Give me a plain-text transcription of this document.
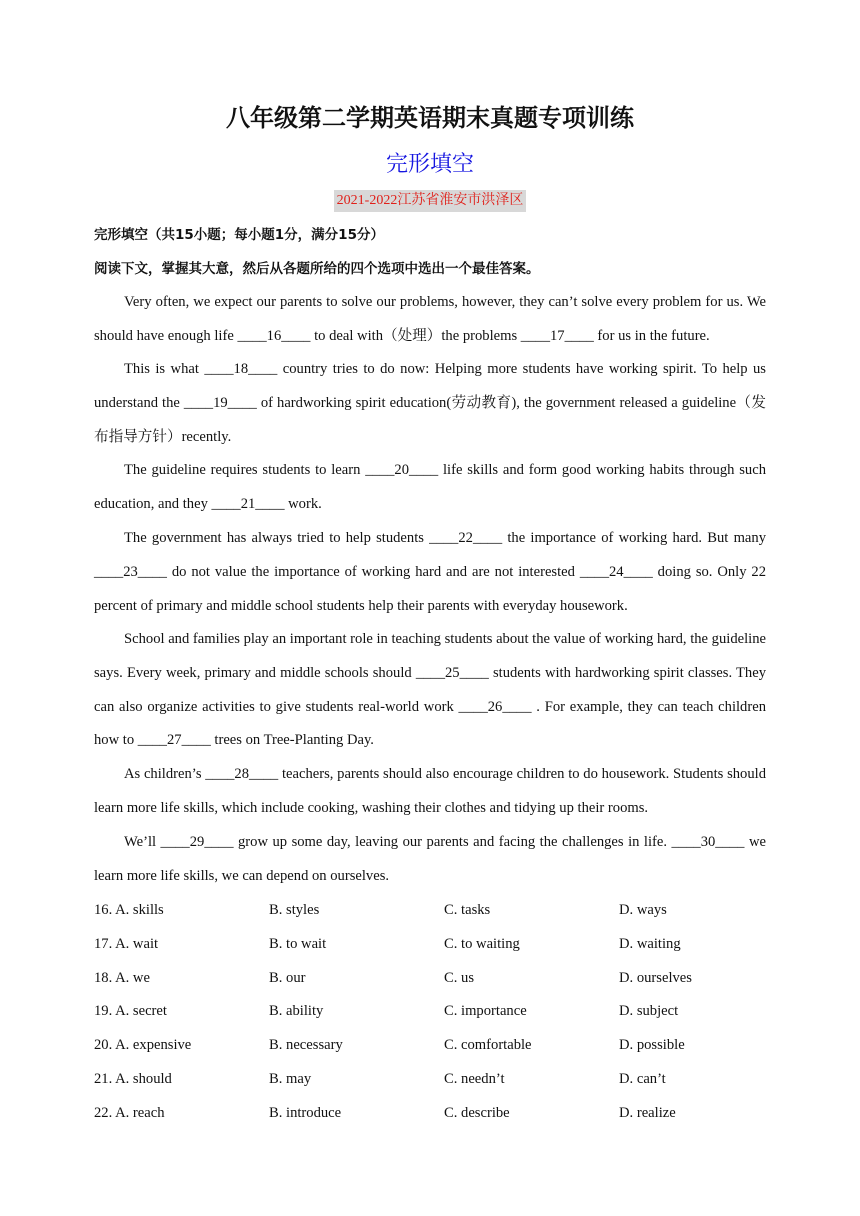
八年级第二学期英语期末真题专项训练
完形填空
2021-2022江苏省淮安市洪泽区
完形填空（共15小题；每小题1分，满分15分）
阅读下文，掌握其大意，然后从各题所给的四个选项中选出一个最佳答案。

Very often, we expect our parents to solve our problems, however, they can’t solve every problem for us. We should have enough life ____16____ to deal with（处理）the problems ____17____ for us in the future.

This is what ____18____ country tries to do now: Helping more students have working spirit. To help us understand the ____19____ of hardworking spirit education(劳动教育), the government released a guideline（发布指导方针）recently.

The guideline requires students to learn ____20____ life skills and form good working habits through such education, and they ____21____ work.

The government has always tried to help students ____22____ the importance of working hard. But many ____23____ do not value the importance of working hard and are not interested ____24____ doing so. Only 22 percent of primary and middle school students help their parents with everyday housework.

School and families play an important role in teaching students about the value of working hard, the guideline says. Every week, primary and middle schools should ____25____ students with hardworking spirit classes. They can also organize activities to give students real-world work ____26____ . For example, they can teach children how to ____27____ trees on Tree-Planting Day.

As children’s ____28____ teachers, parents should also encourage children to do housework. Students should learn more life skills, which include cooking, washing their clothes and tidying up their rooms.

We’ll ____29____ grow up some day, leaving our parents and facing the challenges in life. ____30____ we learn more life skills, we can depend on ourselves.

16. A. skills	B. styles	C. tasks	D. ways
17. A. wait	B. to wait	C. to waiting	D. waiting
18. A. we	B. our	C. us	D. ourselves
19. A. secret	B. ability	C. importance	D. subject
20. A. expensive	B. necessary	C. comfortable	D. possible
21. A. should	B. may	C. needn’t	D. can’t
22. A. reach	B. introduce	C. describe	D. realize
